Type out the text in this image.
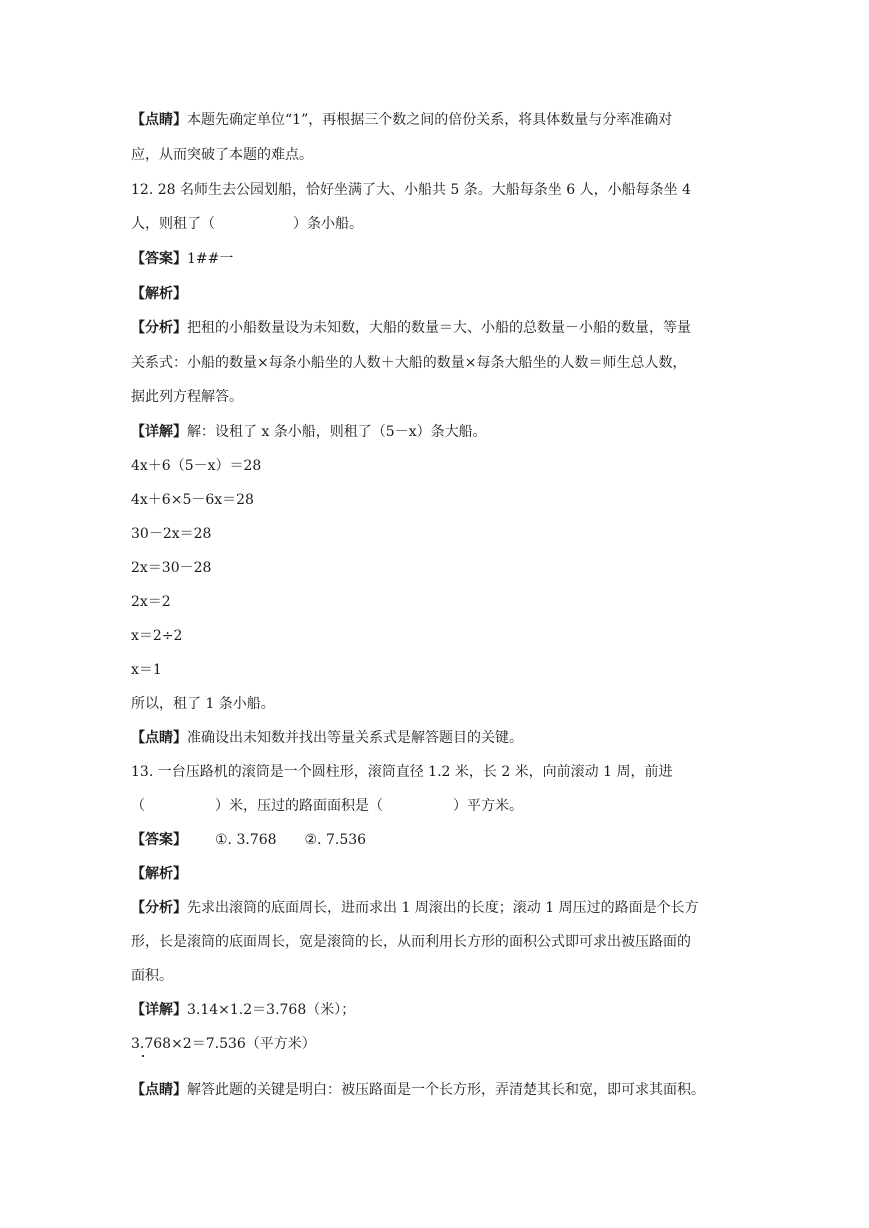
【点睛】本题先确定单位“1”，再根据三个数之间的倍份关系，将具体数量与分率准确对
应，从而突破了本题的难点。
12. 28 名师生去公园划船，恰好坐满了大、小船共 5 条。大船每条坐 6 人，小船每条坐 4
人，则租了（	）条小船。
【答案】1##一
【解析】
【分析】把租的小船数量设为未知数，大船的数量＝大、小船的总数量－小船的数量，等量
关系式：小船的数量×每条小船坐的人数＋大船的数量×每条大船坐的人数＝师生总人数，
据此列方程解答。
【详解】解：设租了 x 条小船，则租了（5－x）条大船。
4x＋6（5－x）＝28
4x＋6×5－6x＝28
30－2x＝28
2x＝30－28
2x＝2
x＝2÷2
x＝1
所以，租了 1 条小船。
【点睛】准确设出未知数并找出等量关系式是解答题目的关键。
13. 一台压路机的滚筒是一个圆柱形，滚筒直径 1.2 米，长 2 米，向前滚动 1 周，前进
（	）米，压过的路面面积是（	）平方米。
【答案】 ①. 3.768 ②. 7.536
【解析】
【分析】先求出滚筒的底面周长，进而求出 1 周滚出的长度；滚动 1 周压过的路面是个长方
形，长是滚筒的底面周长，宽是滚筒的长，从而利用长方形的面积公式即可求出被压路面的
面积。
【详解】3.14×1.2＝3.768（米）；
3.768×2＝7.536（平方米）
【点睛】解答此题的关键是明白：被压路面是一个长方形，弄清楚其长和宽，即可求其面积。
